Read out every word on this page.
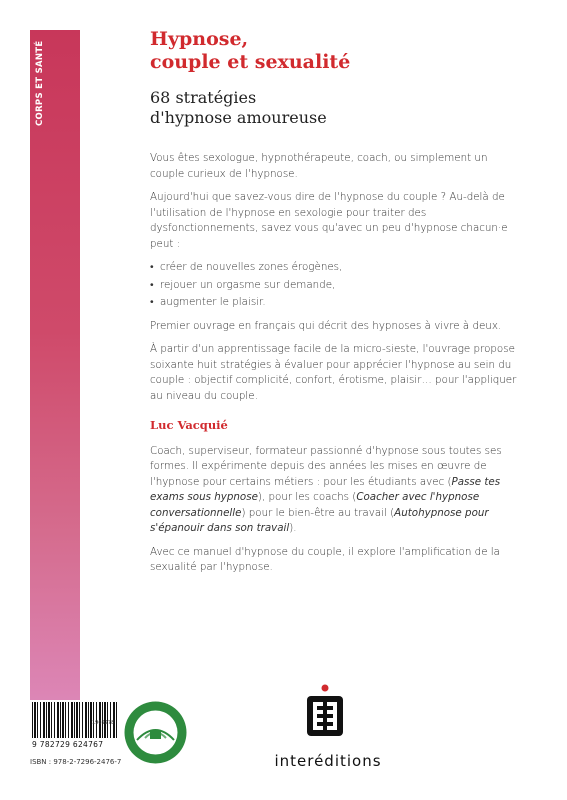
CORPS ET SANTÉ
Hypnose,
couple et sexualité
68 stratégies
d'hypnose amoureuse

Vous êtes sexologue, hypnothérapeute, coach, ou simplement un couple curieux de l'hypnose.

Aujourd'hui que savez-vous dire de l'hypnose du couple ? Au-delà de l'utilisation de l'hypnose en sexologie pour traiter des dysfonctionnements, savez vous qu'avec un peu d'hypnose chacun·e peut :

• créer de nouvelles zones érogènes,
• rejouer un orgasme sur demande,
• augmenter le plaisir.

Premier ouvrage en français qui décrit des hypnoses à vivre à deux.

À partir d'un apprentissage facile de la micro-sieste, l'ouvrage propose soixante huit stratégies à évaluer pour apprécier l'hypnose au sein du couple : objectif complicité, confort, érotisme, plaisir… pour l'appliquer au niveau du couple.

Luc Vacquié

Coach, superviseur, formateur passionné d'hypnose sous toutes ses formes. Il expérimente depuis des années les mises en œuvre de l'hypnose pour certains métiers : pour les étudiants avec (Passe tes exams sous hypnose), pour les coachs (Coacher avec l'hypnose conversationnelle) pour le bien-être au travail (Autohypnose pour s'épanouir dans son travail).

Avec ce manuel d'hypnose du couple, il explore l'amplification de la sexualité par l'hypnose.

9 782729 624767
1969278
ISBN : 978-2-7296-2476-7	interéditions
